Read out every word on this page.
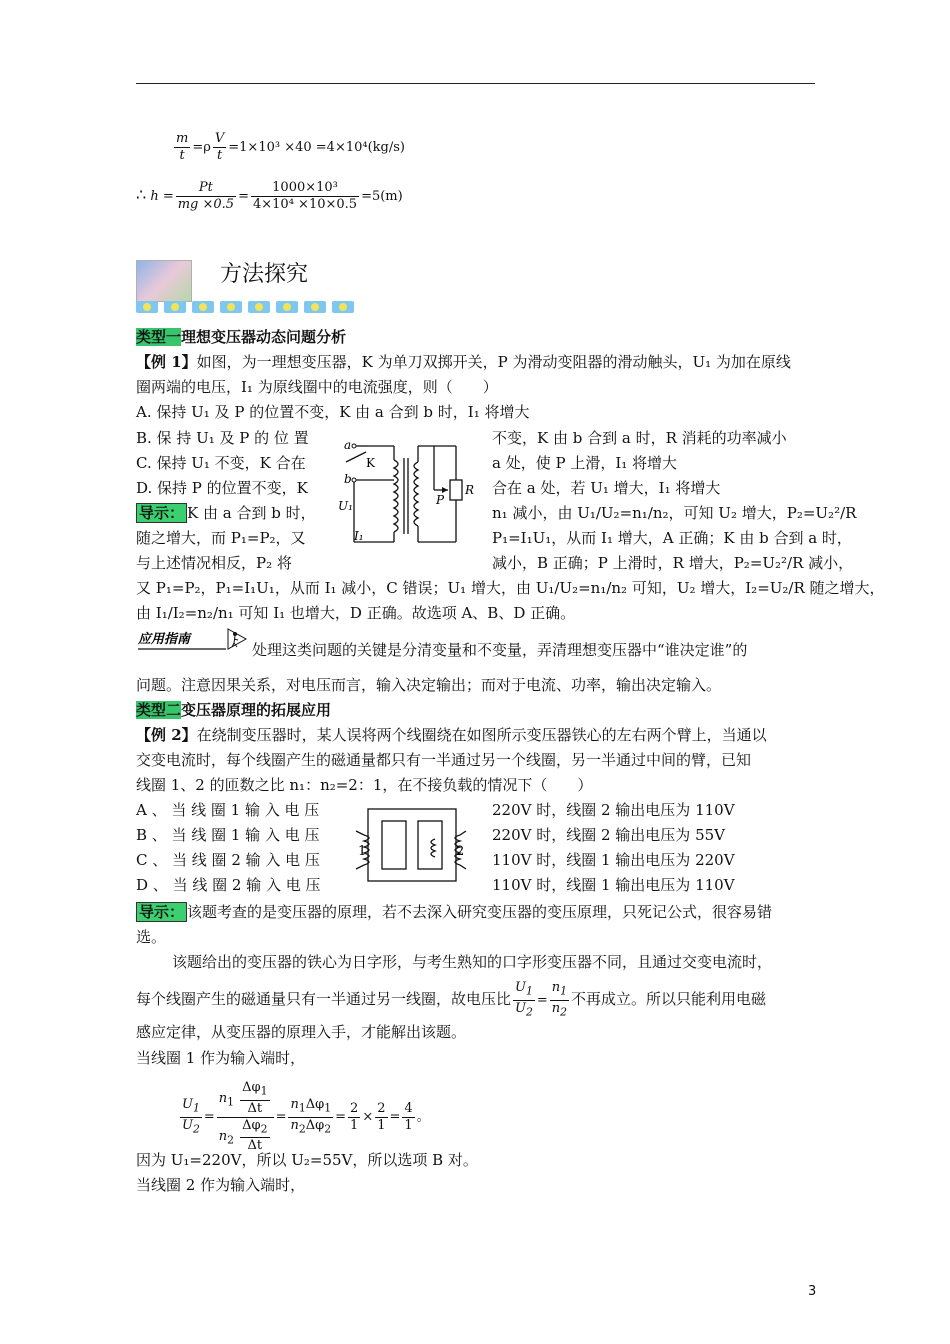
$\frac{m}{t} =\rho \frac{V}{t} =1\times 10^3 \times 40 =4\times 10^4(kg/s)$
∴ $h = \frac{Pt}{mg \times 0.5} = \frac{\text{1000×10³}}{\text{4×10⁴ ×10×0.5}} =5(m)$
方法探究
类型一理想变压器动态问题分析
【例 1】如图，为一理想变压器，K 为单刀双掷开关，P 为滑动变阻器的滑动触头，U₁ 为加在原线
圈两端的电压，I₁ 为原线圈中的电流强度，则（　　）
A. 保持 U₁ 及 P 的位置不变，K 由 a 合到 b 时，I₁ 将增大
B. 保 持 U₁ 及 P 的 位 置	不变，K 由 b 合到 a 时，R 消耗的功率减小
C. 保持 U₁ 不变，K 合在	a 处，使 P 上滑，I₁ 将增大
D. 保持 P 的位置不变，K	合在 a 处，若 U₁ 增大，I₁ 将增大
导示： K 由 a 合到 b 时，	n₁ 减小，由 U₁/U₂=n₁/n₂，可知 U₂ 增大，P₂=U₂²/R
随之增大，而 P₁=P₂，又	P₁=I₁U₁，从而 I₁ 增大，A 正确；K 由 b 合到 a 时，
与上述情况相反，P₂ 将	减小，B 正确；P 上滑时，R 增大，P₂=U₂²/R 减小，
又 P₁=P₂，P₁=I₁U₁，从而 I₁ 减小，C 错误；U₁ 增大，由 U₁/U₂=n₁/n₂ 可知，U₂ 增大，I₂=U₂/R 随之增大，
由 I₁/I₂=n₂/n₁ 可知 I₁ 也增大，D 正确。故选项 A、B、D 正确。
a
b
K
U₁
I₁
P
R
应用指南
处理这类问题的关键是分清变量和不变量，弄清理想变压器中“谁决定谁”的
问题。注意因果关系，对电压而言，输入决定输出；而对于电流、功率，输出决定输入。
类型二变压器原理的拓展应用
【例 2】在绕制变压器时，某人误将两个线圈绕在如图所示变压器铁心的左右两个臂上，当通以
交变电流时，每个线圈产生的磁通量都只有一半通过另一个线圈，另一半通过中间的臂，已知
线圈 1、2 的匝数之比 n₁：n₂=2：1，在不接负载的情况下（　　）
A 、 当 线 圈 1 输 入 电 压	220V 时，线圈 2 输出电压为 110V
B 、 当 线 圈 1 输 入 电 压	220V 时，线圈 2 输出电压为 55V
C 、 当 线 圈 2 输 入 电 压	110V 时，线圈 1 输出电压为 220V
D 、 当 线 圈 2 输 入 电 压	110V 时，线圈 1 输出电压为 110V
1	2
导示： 该题考查的是变压器的原理，若不去深入研究变压器的变压原理，只死记公式，很容易错
选。
该题给出的变压器的铁心为日字形，与考生熟知的口字形变压器不同，且通过交变电流时，
每个线圈产生的磁通量只有一半通过另一线圈，故电压比 $\frac{U_1}{U_2} = \frac{n_1}{n_2}$ 不再成立。所以只能利用电磁
感应定律，从变压器的原理入手，才能解出该题。
当线圈 1 作为输入端时，
$\frac{U_1}{U_2} = \frac{n_1 \frac{\Delta\varphi_1}{\Delta t}}{n_2 \frac{\Delta\varphi_2}{\Delta t}} = \frac{n_1\Delta\varphi_1}{n_2\Delta\varphi_2} = \frac{2}{1} \times \frac{2}{1} = \frac{4}{1}$ 。
因为 U₁=220V，所以 U₂=55V，所以选项 B 对。
当线圈 2 作为输入端时，
3
